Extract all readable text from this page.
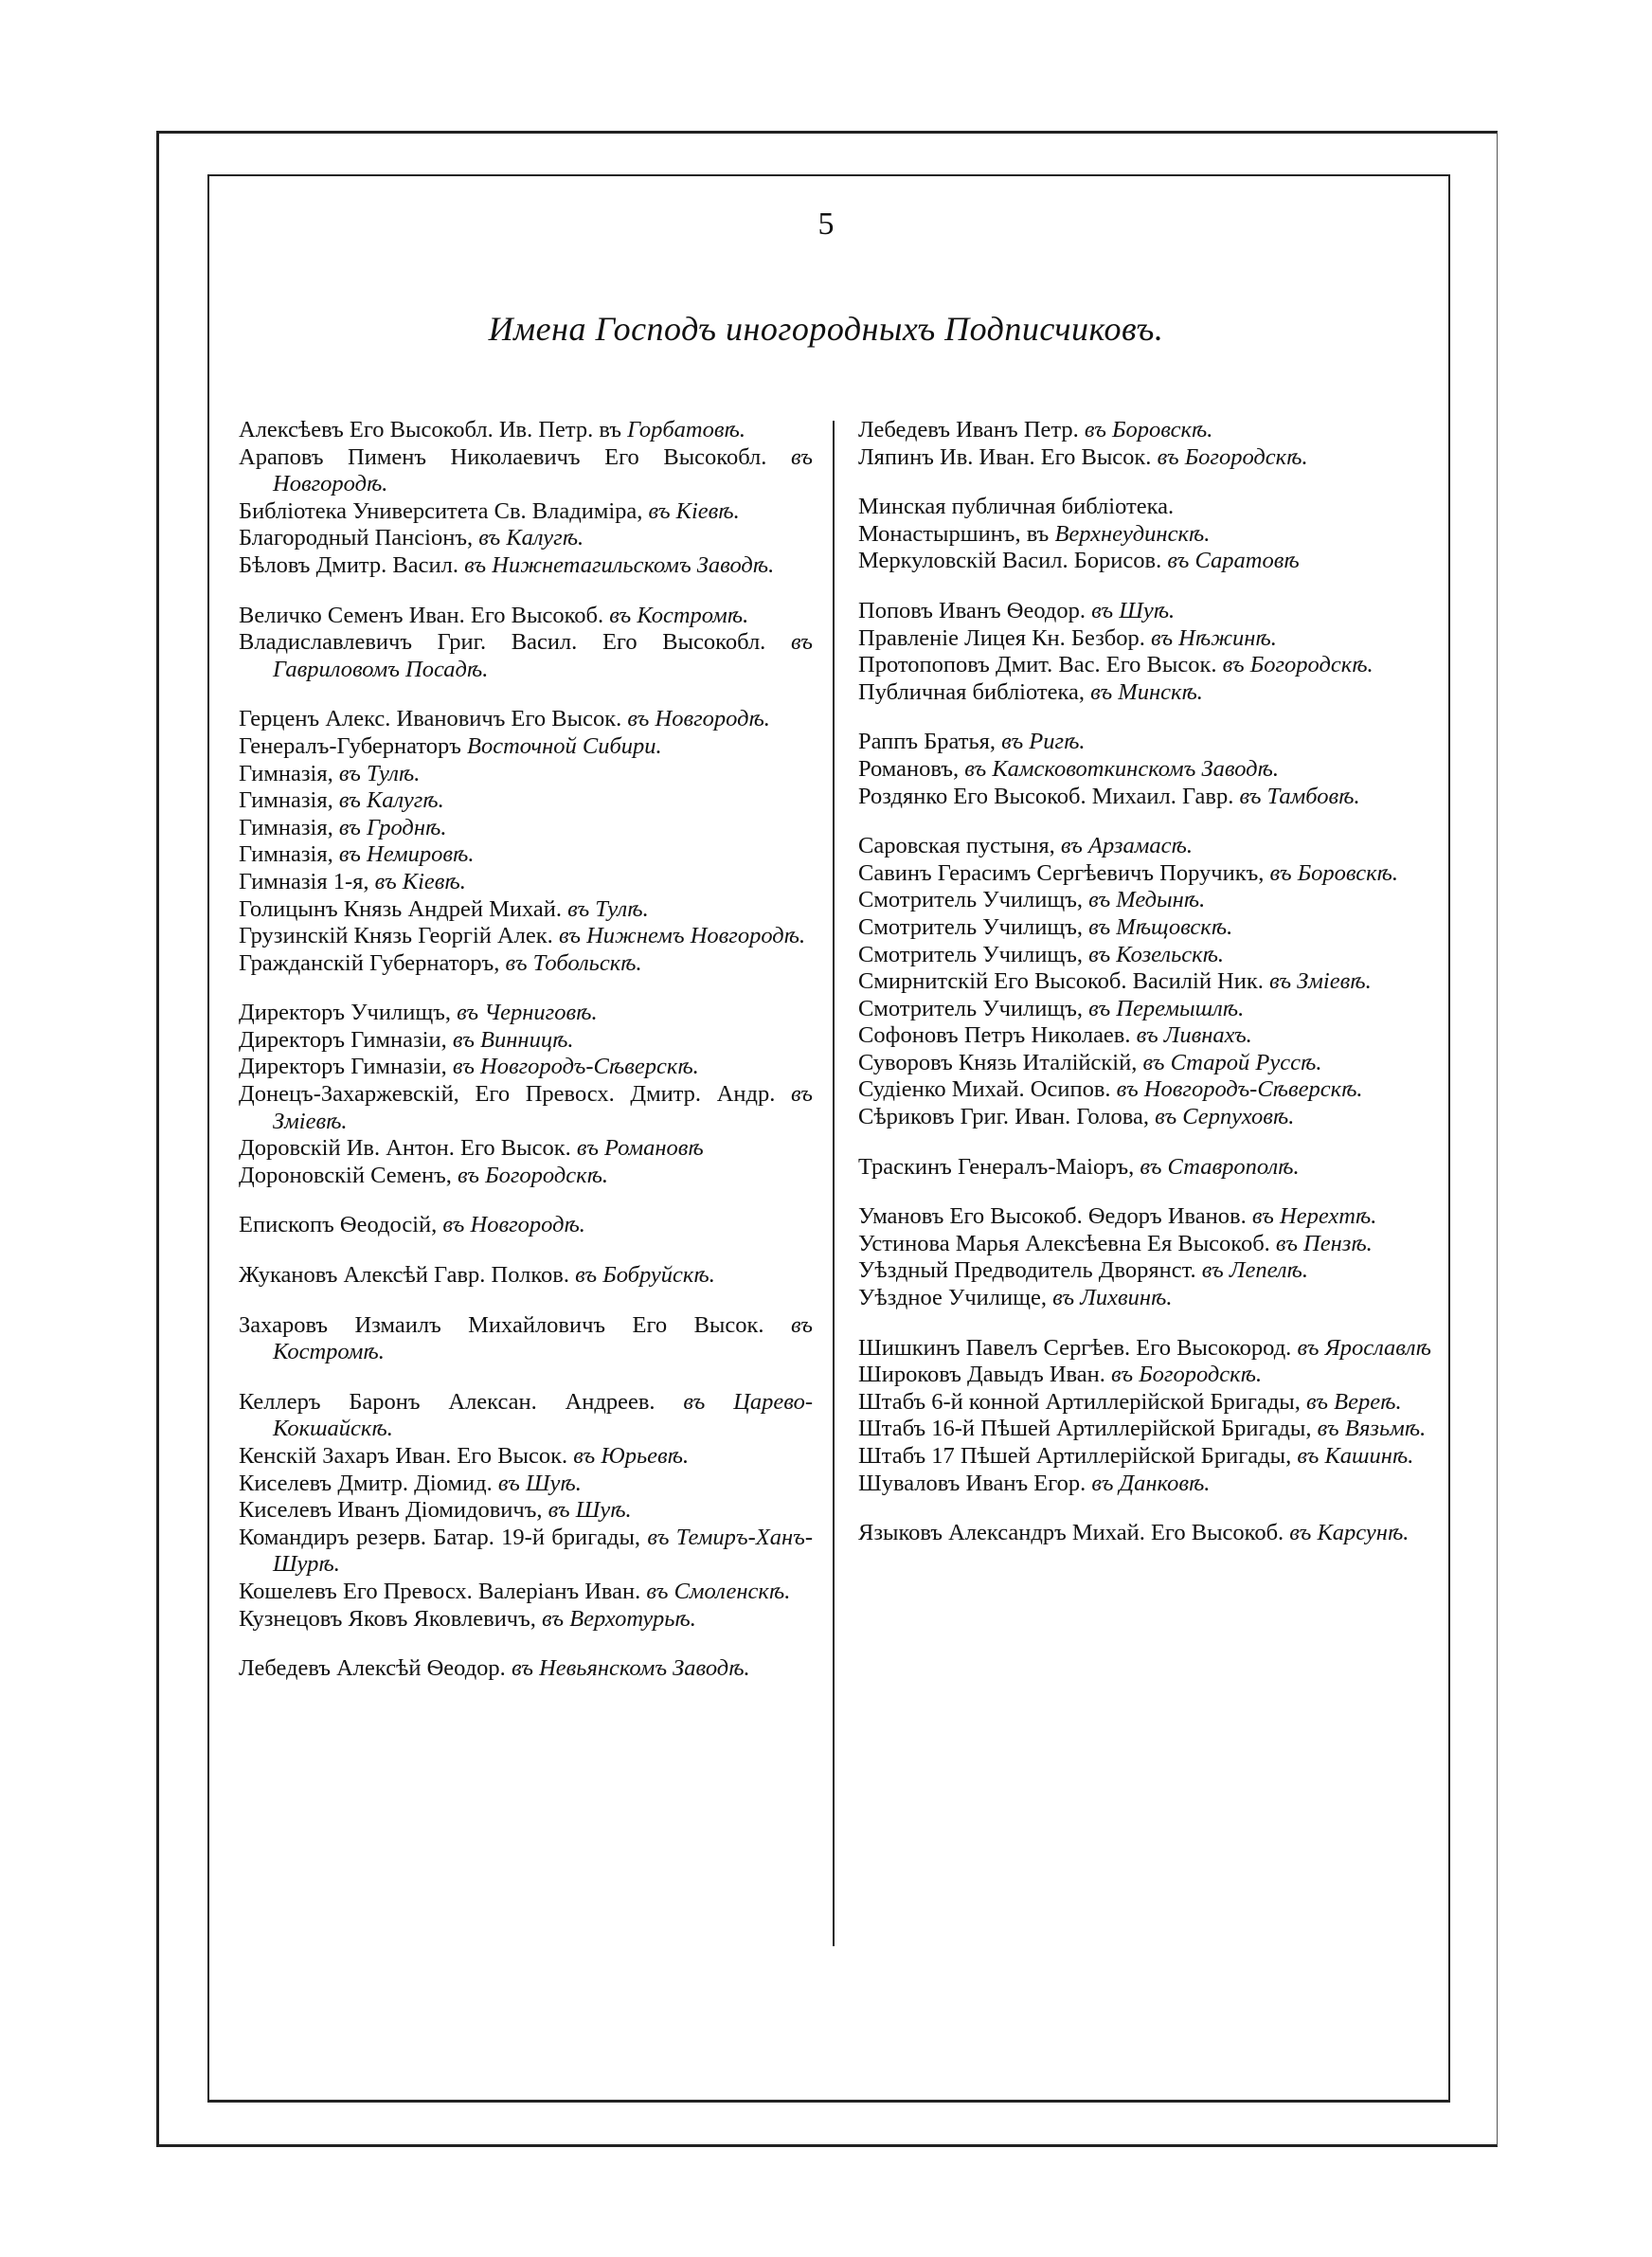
5
Имена Господъ иногородныхъ Подписчиковъ.
Алексѣевъ Его Высокобл. Ив. Петр. въ Горбатовѣ.
Араповъ Пименъ Николаевичъ Его Высокобл. въ Новгородѣ.
Библіотека Университета Св. Владиміра, въ Кіевѣ.
Благородный Пансіонъ, въ Калугѣ.
Бѣловъ Дмитр. Васил. въ Нижнетагильскомъ Заводѣ.
Величко Семенъ Иван. Его Высокоб. въ Костромѣ.
Владиславлевичъ Григ. Васил. Его Высокобл. въ Гавриловомъ Посадѣ.
Герценъ Алекс. Ивановичъ Его Высок. въ Новгородѣ.
Генералъ-Губернаторъ Восточной Сибири.
Гимназія, въ Тулѣ.
Гимназія, въ Калугѣ.
Гимназія, въ Гроднѣ.
Гимназія, въ Немировѣ.
Гимназія 1-я, въ Кіевѣ.
Голицынъ Князь Андрей Михай. въ Тулѣ.
Грузинскій Князь Георгій Алек. въ Нижнемъ Новгородѣ.
Гражданскій Губернаторъ, въ Тобольскѣ.
Директоръ Училищъ, въ Черниговѣ.
Директоръ Гимназіи, въ Винницѣ.
Директоръ Гимназіи, въ Новгородъ-Сѣверскѣ.
Донецъ-Захаржевскій, Его Превосх. Дмитр. Андр. въ Змiевѣ.
Доровскій Ив. Антон. Его Высок. въ Романовѣ
Дороновскій Семенъ, въ Богородскѣ.
Епископъ Ѳеодосій, въ Новгородѣ.
Жукановъ Алексѣй Гавр. Полков. въ Бобруйскѣ.
Захаровъ Измаилъ Михайловичъ Его Высок. въ Костромѣ.
Келлеръ Баронъ Алексан. Андреев. въ Царево-Кокшайскѣ.
Кенскій Захаръ Иван. Его Высок. въ Юрьевѣ.
Киселевъ Дмитр. Діомид. въ Шуѣ.
Киселевъ Иванъ Діомидовичъ, въ Шуѣ.
Командиръ резерв. Батар. 19-й бригады, въ Темиръ-Ханъ-Шурѣ.
Кошелевъ Его Превосх. Валеріанъ Иван. въ Смоленскѣ.
Кузнецовъ Яковъ Яковлевичъ, въ Верхотурьѣ.
Лебедевъ Алексѣй Ѳеодор. въ Невьянскомъ Заводѣ.
Лебедевъ Иванъ Петр. въ Боровскѣ.
Ляпинъ Ив. Иван. Его Высок. въ Богородскѣ.
Минская публичная библіотека.
Монастыршинъ, въ Верхнеудинскѣ.
Меркуловскій Васил. Борисов. въ Саратовѣ
Поповъ Иванъ Ѳеодор. въ Шуѣ.
Правленіе Лицея Кн. Безбор. въ Нѣжинѣ.
Протопоповъ Дмит. Вас. Его Высок. въ Богородскѣ.
Публичная библіотека, въ Минскѣ.
Раппъ Братья, въ Ригѣ.
Романовъ, въ Камсковоткинскомъ Заводѣ.
Роздянко Его Высокоб. Михаил. Гавр. въ Тамбовѣ.
Саровская пустыня, въ Арзамасѣ.
Савинъ Герасимъ Сергѣевичъ Поручикъ, въ Боровскѣ.
Смотритель Училищъ, въ Медынѣ.
Смотритель Училищъ, въ Мѣщовскѣ.
Смотритель Училищъ, въ Козельскѣ.
Смирнитскій Его Высокоб. Василій Ник. въ Змiевѣ.
Смотритель Училищъ, въ Перемышлѣ.
Софоновъ Петръ Николаев. въ Ливнахъ.
Суворовъ Князь Италійскій, въ Старой Руссѣ.
Судіенко Михай. Осипов. въ Новгородъ-Сѣверскѣ.
Сѣриковъ Григ. Иван. Голова, въ Серпуховѣ.
Траскинъ Генералъ-Маіоръ, въ Ставрополѣ.
Умановъ Его Высокоб. Ѳедоръ Иванов. въ Нерехтѣ.
Устинова Марья Алексѣевна Ея Высокоб. въ Пензѣ.
Уѣздный Предводитель Дворянст. въ Лепелѣ.
Уѣздное Училище, въ Лихвинѣ.
Шишкинъ Павелъ Сергѣев. Его Высокород. въ Ярославлѣ
Широковъ Давыдъ Иван. въ Богородскѣ.
Штабъ 6-й конной Артиллерійской Бригады, въ Вереѣ.
Штабъ 16-й Пѣшей Артиллерійской Бригады, въ Вязьмѣ.
Штабъ 17 Пѣшей Артиллерійской Бригады, въ Кашинѣ.
Шуваловъ Иванъ Егор. въ Данковѣ.
Языковъ Александръ Михай. Его Высокоб. въ Карсунѣ.
